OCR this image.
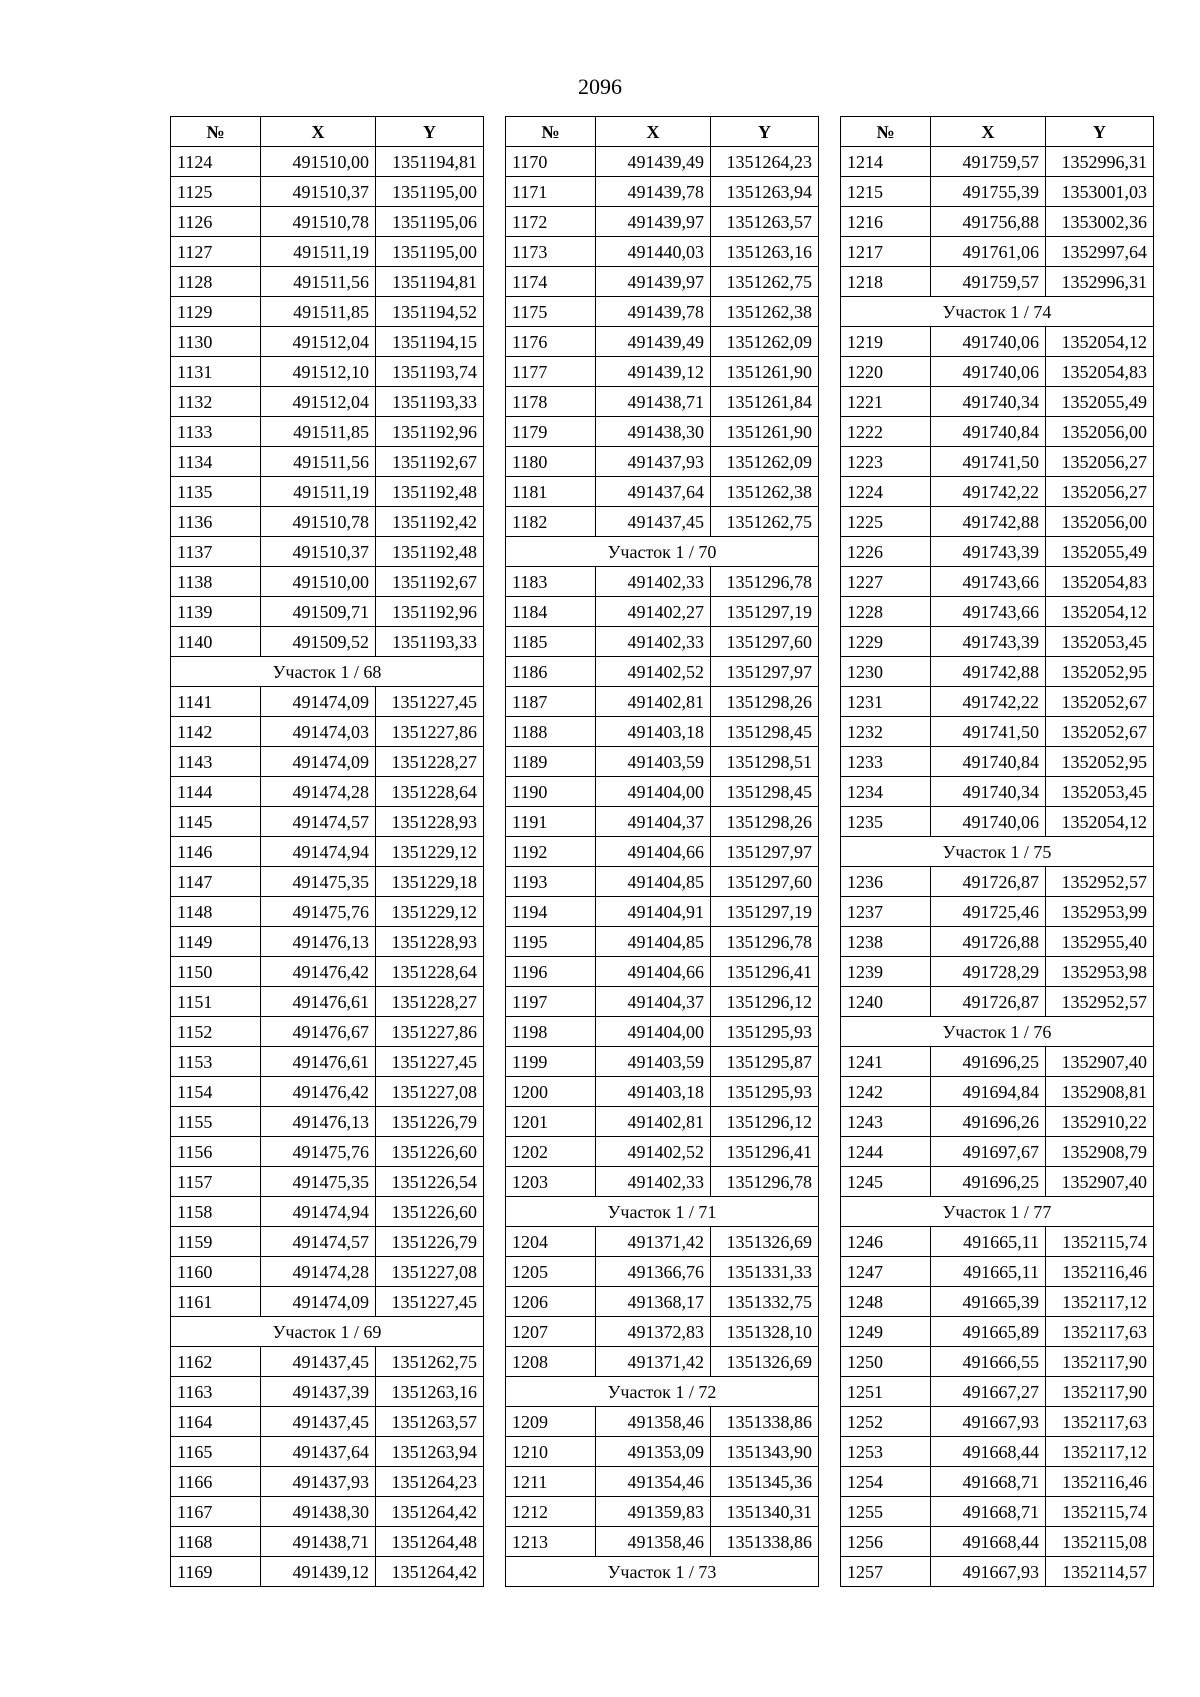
2096
№	X	Y
1124	491510,00	1351194,81
1125	491510,37	1351195,00
1126	491510,78	1351195,06
1127	491511,19	1351195,00
1128	491511,56	1351194,81
1129	491511,85	1351194,52
1130	491512,04	1351194,15
1131	491512,10	1351193,74
1132	491512,04	1351193,33
1133	491511,85	1351192,96
1134	491511,56	1351192,67
1135	491511,19	1351192,48
1136	491510,78	1351192,42
1137	491510,37	1351192,48
1138	491510,00	1351192,67
1139	491509,71	1351192,96
1140	491509,52	1351193,33
Участок 1 / 68		
1141	491474,09	1351227,45
1142	491474,03	1351227,86
1143	491474,09	1351228,27
1144	491474,28	1351228,64
1145	491474,57	1351228,93
1146	491474,94	1351229,12
1147	491475,35	1351229,18
1148	491475,76	1351229,12
1149	491476,13	1351228,93
1150	491476,42	1351228,64
1151	491476,61	1351228,27
1152	491476,67	1351227,86
1153	491476,61	1351227,45
1154	491476,42	1351227,08
1155	491476,13	1351226,79
1156	491475,76	1351226,60
1157	491475,35	1351226,54
1158	491474,94	1351226,60
1159	491474,57	1351226,79
1160	491474,28	1351227,08
1161	491474,09	1351227,45
Участок 1 / 69		
1162	491437,45	1351262,75
1163	491437,39	1351263,16
1164	491437,45	1351263,57
1165	491437,64	1351263,94
1166	491437,93	1351264,23
1167	491438,30	1351264,42
1168	491438,71	1351264,48
1169	491439,12	1351264,42
№	X	Y
1170	491439,49	1351264,23
1171	491439,78	1351263,94
1172	491439,97	1351263,57
1173	491440,03	1351263,16
1174	491439,97	1351262,75
1175	491439,78	1351262,38
1176	491439,49	1351262,09
1177	491439,12	1351261,90
1178	491438,71	1351261,84
1179	491438,30	1351261,90
1180	491437,93	1351262,09
1181	491437,64	1351262,38
1182	491437,45	1351262,75
Участок 1 / 70		
1183	491402,33	1351296,78
1184	491402,27	1351297,19
1185	491402,33	1351297,60
1186	491402,52	1351297,97
1187	491402,81	1351298,26
1188	491403,18	1351298,45
1189	491403,59	1351298,51
1190	491404,00	1351298,45
1191	491404,37	1351298,26
1192	491404,66	1351297,97
1193	491404,85	1351297,60
1194	491404,91	1351297,19
1195	491404,85	1351296,78
1196	491404,66	1351296,41
1197	491404,37	1351296,12
1198	491404,00	1351295,93
1199	491403,59	1351295,87
1200	491403,18	1351295,93
1201	491402,81	1351296,12
1202	491402,52	1351296,41
1203	491402,33	1351296,78
Участок 1 / 71		
1204	491371,42	1351326,69
1205	491366,76	1351331,33
1206	491368,17	1351332,75
1207	491372,83	1351328,10
1208	491371,42	1351326,69
Участок 1 / 72		
1209	491358,46	1351338,86
1210	491353,09	1351343,90
1211	491354,46	1351345,36
1212	491359,83	1351340,31
1213	491358,46	1351338,86
Участок 1 / 73		
№	X	Y
1214	491759,57	1352996,31
1215	491755,39	1353001,03
1216	491756,88	1353002,36
1217	491761,06	1352997,64
1218	491759,57	1352996,31
Участок 1 / 74		
1219	491740,06	1352054,12
1220	491740,06	1352054,83
1221	491740,34	1352055,49
1222	491740,84	1352056,00
1223	491741,50	1352056,27
1224	491742,22	1352056,27
1225	491742,88	1352056,00
1226	491743,39	1352055,49
1227	491743,66	1352054,83
1228	491743,66	1352054,12
1229	491743,39	1352053,45
1230	491742,88	1352052,95
1231	491742,22	1352052,67
1232	491741,50	1352052,67
1233	491740,84	1352052,95
1234	491740,34	1352053,45
1235	491740,06	1352054,12
Участок 1 / 75		
1236	491726,87	1352952,57
1237	491725,46	1352953,99
1238	491726,88	1352955,40
1239	491728,29	1352953,98
1240	491726,87	1352952,57
Участок 1 / 76		
1241	491696,25	1352907,40
1242	491694,84	1352908,81
1243	491696,26	1352910,22
1244	491697,67	1352908,79
1245	491696,25	1352907,40
Участок 1 / 77		
1246	491665,11	1352115,74
1247	491665,11	1352116,46
1248	491665,39	1352117,12
1249	491665,89	1352117,63
1250	491666,55	1352117,90
1251	491667,27	1352117,90
1252	491667,93	1352117,63
1253	491668,44	1352117,12
1254	491668,71	1352116,46
1255	491668,71	1352115,74
1256	491668,44	1352115,08
1257	491667,93	1352114,57
